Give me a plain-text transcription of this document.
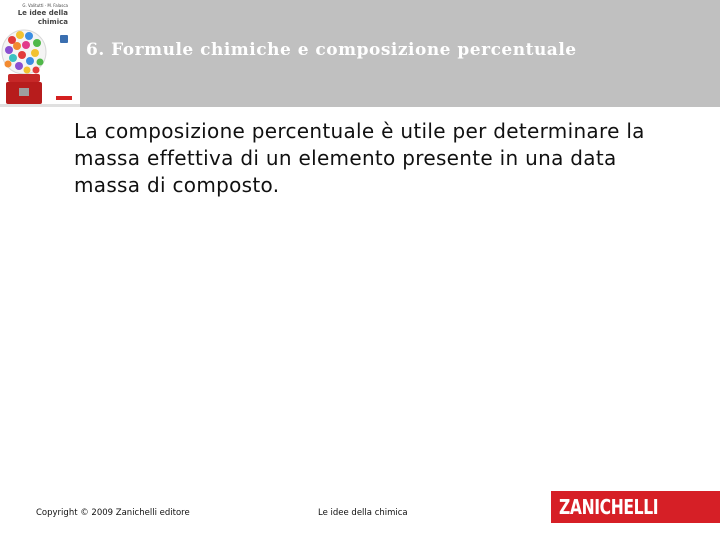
6. Formule chimiche e composizione percentuale
G. Valitutti · M. Falasca
Le idee della
chimica

La composizione percentuale è utile per determinare la massa effettiva di un elemento presente in una data massa di composto.

Copyright © 2009 Zanichelli editore	Le idee della chimica	ZANICHELLI
